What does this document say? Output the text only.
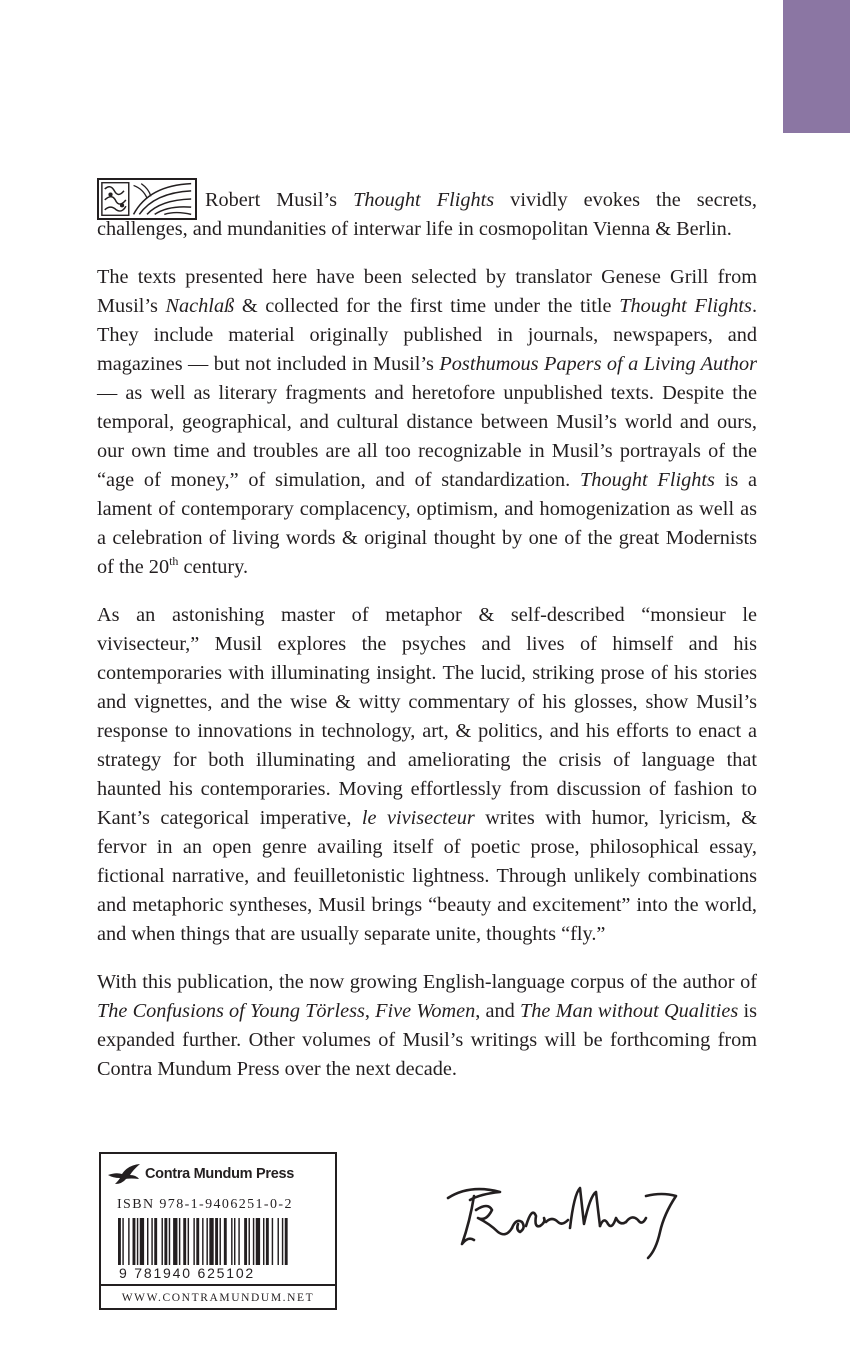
Robert Musil’s Thought Flights vividly evokes the secrets, challenges, and mundanities of interwar life in cosmopolitan Vienna & Berlin.

The texts presented here have been selected by translator Genese Grill from Musil’s Nachlaß & collected for the first time under the title Thought Flights. They include material originally published in journals, newspapers, and magazines — but not included in Musil’s Posthumous Papers of a Living Author — as well as literary fragments and heretofore unpublished texts. Despite the temporal, geographical, and cultural distance between Musil’s world and ours, our own time and troubles are all too recognizable in Musil’s portrayals of the “age of money,” of simulation, and of standardization. Thought Flights is a lament of contemporary complacency, optimism, and homogenization as well as a celebration of living words & original thought by one of the great Modernists of the 20th century.

As an astonishing master of metaphor & self-described “monsieur le vivisecteur,” Musil explores the psyches and lives of himself and his contemporaries with illuminating insight. The lucid, striking prose of his stories and vignettes, and the wise & witty commentary of his glosses, show Musil’s response to innovations in technology, art, & politics, and his efforts to enact a strategy for both illuminating and ameliorating the crisis of language that haunted his contemporaries. Moving effortlessly from discussion of fashion to Kant’s categorical imperative, le vivisecteur writes with humor, lyricism, & fervor in an open genre availing itself of poetic prose, philosophical essay, fictional narrative, and feuilletonistic lightness. Through unlikely combinations and metaphoric syntheses, Musil brings “beauty and excitement” into the world, and when things that are usually separate unite, thoughts “fly.”

With this publication, the now growing English-language corpus of the author of The Confusions of Young Törless, Five Women, and The Man without Qualities is expanded further. Other volumes of Musil’s writings will be forthcoming from Contra Mundum Press over the next decade.

Contra Mundum Press
ISBN 978-1-9406251-0-2
9 781940 625102
WWW.CONTRAMUNDUM.NET
